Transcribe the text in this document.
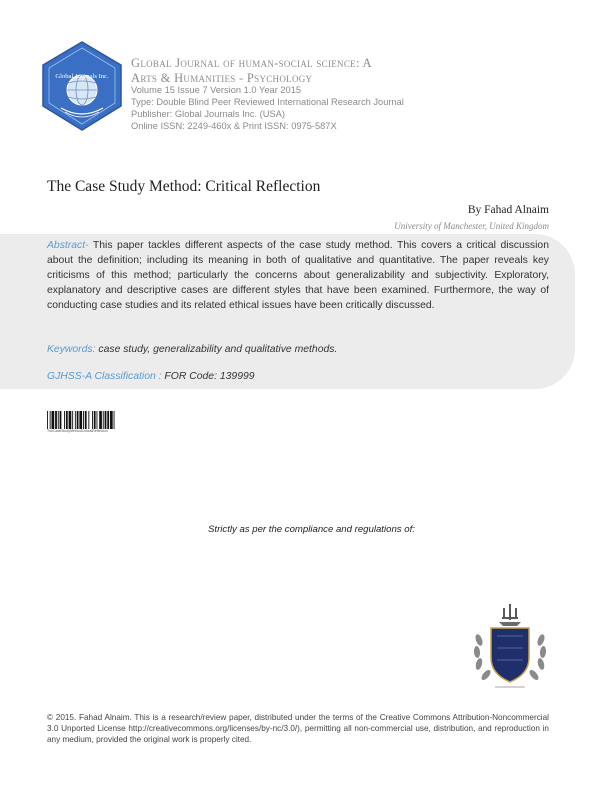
Global Journals Inc.
Global Journal of human-social science: A
Arts & Humanities - Psychology
Volume 15 Issue 7 Version 1.0 Year 2015
Type: Double Blind Peer Reviewed International Research Journal
Publisher: Global Journals Inc. (USA)
Online ISSN: 2249-460x & Print ISSN: 0975-587X
The Case Study Method: Critical Reflection
By Fahad Alnaim
University of Manchester, United Kingdom
Abstract- This paper tackles different aspects of the case study method. This covers a critical discussion about the definition; including its meaning in both of qualitative and quantitative. The paper reveals key criticisms of this method; particularly the concerns about generalizability and subjectivity. Exploratory, explanatory and descriptive cases are different styles that have been examined. Furthermore, the way of conducting case studies and its related ethical issues have been critically discussed.
Keywords: case study, generalizability and qualitative methods.
GJHSS-A Classification : FOR Code: 139999
TheCaseStudyMethodCriticalReflection
Strictly as per the compliance and regulations of:
© 2015. Fahad Alnaim. This is a research/review paper, distributed under the terms of the Creative Commons Attribution-Noncommercial 3.0 Unported License http://creativecommons.org/licenses/by-nc/3.0/), permitting all non-commercial use, distribution, and reproduction in any medium, provided the original work is properly cited.
